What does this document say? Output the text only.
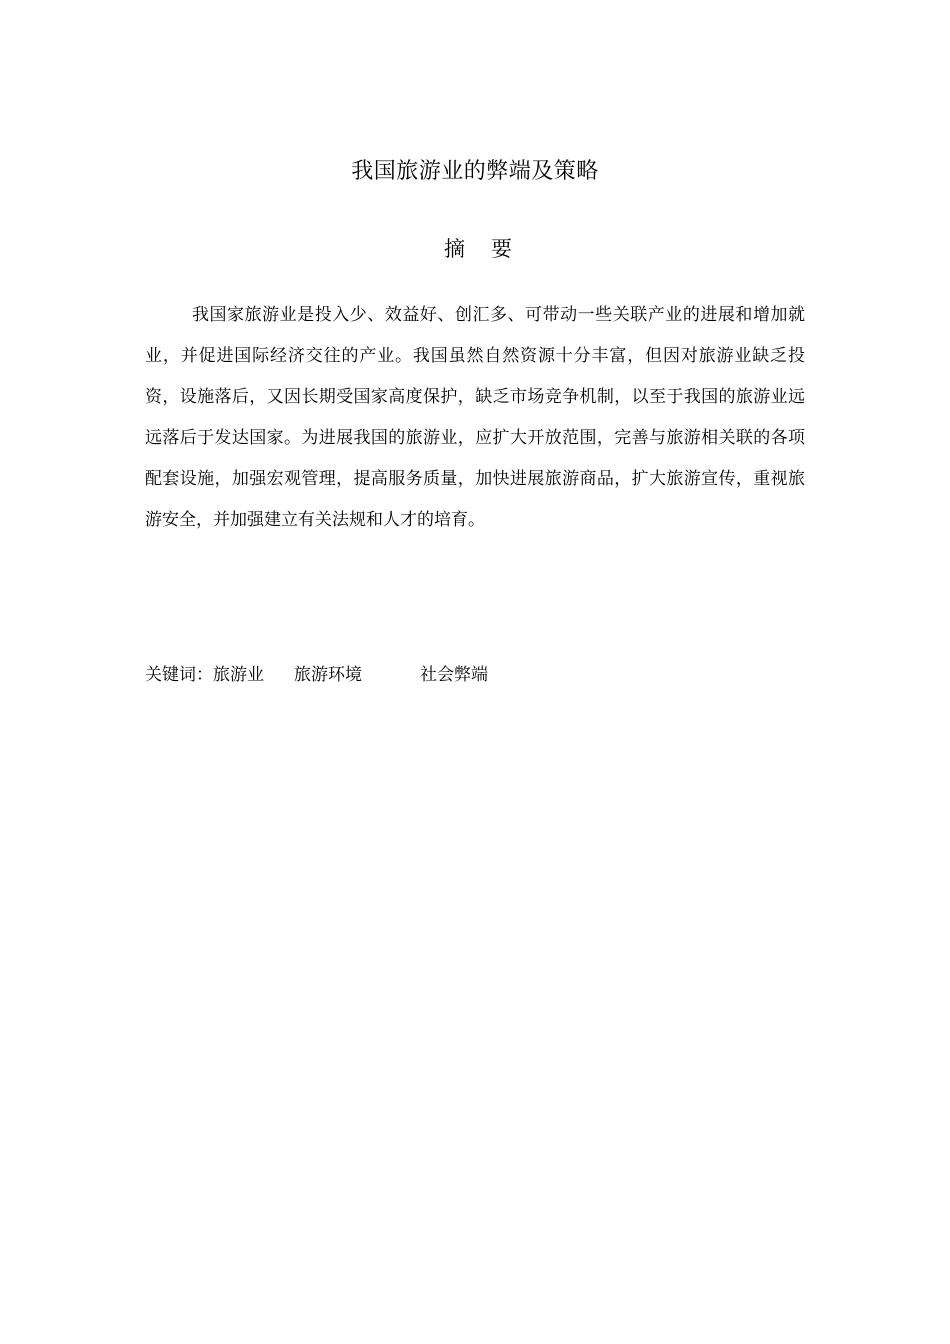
我国旅游业的弊端及策略
摘要

我国家旅游业是投入少、效益好、创汇多、可带动一些关联产业的进展和增加就业，并促进国际经济交往的产业。我国虽然自然资源十分丰富，但因对旅游业缺乏投资，设施落后，又因长期受国家高度保护，缺乏市场竞争机制，以至于我国的旅游业远远落后于发达国家。为进展我国的旅游业，应扩大开放范围，完善与旅游相关联的各项配套设施，加强宏观管理，提高服务质量，加快进展旅游商品，扩大旅游宣传，重视旅游安全，并加强建立有关法规和人才的培育。

关键词：旅游业 旅游环境	社会弊端
